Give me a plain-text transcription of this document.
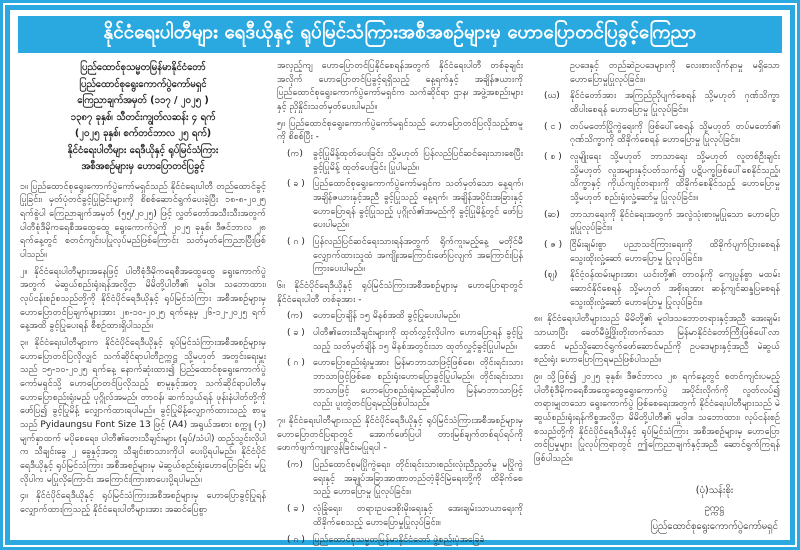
နိုင်ငံရေးပါတီများ ရေဒီယိုနှင့် ရုပ်မြင်သံကြားအစီအစဉ်များမှ ဟောပြောတင်ပြခွင့်ကြေညာ
ပြည်ထောင်စုသမ္မတမြန်မာနိုင်ငံတော်
ပြည်ထောင်စုရွေးကောက်ပွဲကော်မရှင်
ကြေညာချက်အမှတ် (၁၁၇ / ၂၀၂၅ )
၁၃၈၇ ခုနှစ်၊ သီတင်းကျွတ်လဆန်း ၄ ရက်
(၂၀၂၅ ခုနှစ်၊ စက်တင်ဘာလ ၂၅ ရက်)
နိုင်ငံရေးပါတီများ ရေဒီယိုနှင့် ရုပ်မြင်သံကြား
အစီအစဉ်များမှ ဟောပြောတင်ပြခွင့်

၁။ ပြည်ထောင်စုရွေးကောက်ပွဲကော်မရှင်သည် နိုင်ငံရေးပါတီ တည်ထောင်ခွင့်ပြုခြင်း၊ မှတ်ပုံတင်ခွင့်ပြုခြင်းများကို စိစစ်ဆောင်ရွက်ပေးခဲ့ပြီး ၁၈-၈-၂၀၂၅ ရက်စွဲပါ ကြေညာချက်အမှတ် (၅၅/၂၀၂၅) ဖြင့် လွှတ်တော်အသီးသီးအတွက် ပါတီစုံဒီမိုကရေစီအထွေထွေ ရွေးကောက်ပွဲကို ၂၀၂၅ ခုနှစ်၊ ဒီဇင်ဘာလ ၂၈ ရက်နေ့တွင် စတင်ကျင်းပပြုလုပ်မည်ဖြစ်ကြောင်း သတ်မှတ်ကြေညာပြီးဖြစ်ပါသည်။

၂။ နိုင်ငံရေးပါတီများအနေဖြင့် ပါတီစုံဒီမိုကရေစီအထွေထွေ ရွေးကောက်ပွဲအတွက် မဲဆွယ်စည်းရုံးရန်အလို့ငှာ မိမိတို့ပါတီ၏ မူဝါဒ၊ သဘောထား၊ လုပ်ငန်းစဉ်စသည်တို့ကို နိုင်ငံပိုင်ရေဒီယိုနှင့် ရုပ်မြင်သံကြား အစီအစဉ်များမှ ဟောပြောတင်ပြချက်များအား ၂၈-၁၀-၂၀၂၅ ရက်နေ့မှ ၂၆-၁၂-၂၀၂၅ ရက်နေ့အထိ ခွင့်ပြုပေးရန် စီစဉ်ထားရှိပါသည်။

၃။ နိုင်ငံရေးပါတီများက နိုင်ငံပိုင်ရေဒီယိုနှင့် ရုပ်မြင်သံကြားအစီအစဉ်များမှ ဟောပြောတင်ပြလိုလျှင် သက်ဆိုင်ရာပါတီဥက္ကဋ္ဌ သို့မဟုတ် အတွင်းရေးမှူးသည် ၁၅-၁၀-၂၀၂၅ ရက်နေ့ နောက်ဆုံးထား၍ ပြည်ထောင်စုရွေးကောက်ပွဲကော်မရှင်သို့ ဟောပြောတင်ပြလိုသည့် စာမူနှင့်အတူ သက်ဆိုင်ရာပါတီမှ ဟောပြောစည်းရုံးမည့် ပုဂ္ဂိုလ်အမည်၊ တာဝန်၊ ဆက်သွယ်ရန် ဖုန်းနံပါတ်တို့ကိုဖော်ပြ၍ ခွင့်ပြုမိန့် လျှောက်ထားရပါမည်။ ခွင့်ပြုမိန့်လျှောက်ထားသည့် စာမူသည် Pyidaungsu Font Size 13 ဖြင့် (A4) အရွယ်အစား စက္ကူ (၇) မျက်နှာထက် မပိုစေရေး၊ ပါတီ၏တေးသီချင်းများ (ရုပ်/သံပါ) ထည့်သွင်းလိုပါက သီချင်းခွေ ၂ ခွေနှင့်အတူ သီချင်းစာသားကိုပါ ပေးပို့ရပါမည်။ နိုင်ငံပိုင်ရေဒီယိုနှင့် ရုပ်မြင်သံကြား အစီအစဉ်များမှ မဲဆွယ်စည်းရုံးဟောပြောခြင်း မပြုလိုပါက မပြုလိုကြောင်း အကြောင်းကြားစာပေးပို့ရပါမည်။

၄။ နိုင်ငံပိုင်ရေဒီယိုနှင့် ရုပ်မြင်သံကြားအစီအစဉ်များမှ ဟောပြောခွင့်ပြုရန် လျှောက်ထားကြသည့် နိုင်ငံရေးပါတီများအား အဆင်ပြေစွာ

အလှည့်ကျ ဟောပြောတင်ပြနိုင်စေရန်အတွက် နိုင်ငံရေးပါတီ တစ်ခုချင်းအလိုက် ဟောပြောတင်ပြခွင့်ရရှိသည့် နေ့ရက်နှင့် အချိန်ဇယားကို ပြည်ထောင်စုရွေးကောက်ပွဲကော်မရှင်က သက်ဆိုင်ရာ ဌာန၊ အဖွဲ့အစည်းများနှင့် ညှိနှိုင်းသတ်မှတ်ပေးပါမည်။

၅။ ပြည်ထောင်စုရွေးကောက်ပွဲကော်မရှင်သည် ဟောပြောတင်ပြလိုသည့်စာမူကို စိစစ်ပြီး -

(က)	ခွင့်ပြုမိန့်ထုတ်ပေးခြင်း သို့မဟုတ် ပြန်လည်ပြင်ဆင်ရေးသားစေပြီး ခွင့်ပြုမိန့် ထုတ်ပေးခြင်း ပြုပါမည်။
( ခ ) ပြည်ထောင်စုရွေးကောက်ပွဲကော်မရှင်က သတ်မှတ်သော နေ့ရက်၊ အချိန်ဇယားနှင့်အညီ ခွင့်ပြုသည့် နေ့ရက်၊ အချိန်အပိုင်းအခြားနှင့် ဟောပြောရန် ခွင့်ပြုသည့် ပုဂ္ဂိုလ်၏အမည်ကို ခွင့်ပြုမိန့်တွင် ဖော်ပြပေးပါမည်။
( ဂ ) ပြန်လည်ပြင်ဆင်ရေးသားရန်အတွက် ရိုက်ကူးမည့်နေ့ မတိုင်မီ လျှောက်ထားသူထံ အကျိုးအကြောင်းဖော်ပြလျက် အကြောင်းပြန်ကြားပေးပါမည်။

၆။ နိုင်ငံပိုင်ရေဒီယိုနှင့် ရုပ်မြင်သံကြားအစီအစဉ်များမှ ဟောပြောရာတွင် နိုင်ငံရေးပါတီ တစ်ခုအား -

(က)	ဟောပြောချိန် ၁၅ မိနစ်အထိ ခွင့်ပြုပေးပါမည်။
( ခ ) ပါတီ၏တေးသီချင်းများကို ထုတ်လွှင့်လိုပါက ဟောပြောရန် ခွင့်ပြုသည့် သတ်မှတ်ချိန် ၁၅ မိနစ်အတွင်းသာ ထုတ်လွှင့်ခွင့်ပြုပါမည်။
( ဂ ) ဟောပြောစည်းရုံးမှုအား မြန်မာဘာသာဖြင့်ဖြစ်စေ၊ တိုင်းရင်းသားဘာသာဖြင့်ဖြစ်စေ စည်းရုံးဟောပြောခွင့်ပြုပါမည်။ တိုင်းရင်းသားဘာသာဖြင့် ဟောပြောစည်းရုံးမည်ဆိုပါက မြန်မာဘာသာဖြင့်လည်း ပူးတွဲတင်ပြရမည်ဖြစ်ပါသည်။

၇။ နိုင်ငံရေးပါတီများသည် နိုင်ငံပိုင်ရေဒီယိုနှင့် ရုပ်မြင်သံကြားအစီအစဉ်များမှ ဟောပြောတင်ပြရာတွင် အောက်ဖော်ပြပါ တားမြစ်ချက်တစ်ရပ်ရပ်ကို ဖောက်ဖျက်ကျူးလွန်ခြင်းမပြုရပါ -

(က)	ပြည်ထောင်စုမပြိုကွဲရေး၊ တိုင်းရင်းသားစည်းလုံးညီညွတ်မှု မပြိုကွဲရေးနှင့် အချုပ်အခြာအာဏာတည်တံ့ခိုင်မြဲရေးတို့ကို ထိခိုက်စေသည့် ဟောပြောမှု ပြုလုပ်ခြင်း။
( ခ ) လုံခြုံရေး၊ တရားဥပဒေစိုးမိုးရေးနှင့် အေးချမ်းသာယာရေးကို ထိခိုက်စေသည့် ဟောပြောမှုပြုလုပ်ခြင်း။
( ဂ ) ပြည်ထောင်စုသမ္မတမြန်မာနိုင်ငံတော် ဖွဲ့စည်းပုံအခြေခံ
ဥပဒေနှင့် တည်ဆဲဥပဒေများကို လေးစားလိုက်နာမှု မရှိသော ဟောပြောမှုပြုလုပ်ခြင်း။
(ဃ)	နိုင်ငံတော်အား အကြည်ညိုပျက်စေရန် သို့မဟုတ် ဂုဏ်သိက္ခာထိပါးစေရန် ဟောပြောမှု ပြုလုပ်ခြင်း။
( င ) တပ်မတော်ပြိုကွဲရေးကို ဖြစ်ပေါ်စေရန် သို့မဟုတ် တပ်မတော်၏ ဂုဏ်သိက္ခာကို ထိခိုက်စေရန် ဟောပြောမှု ပြုလုပ်ခြင်း။
( စ ) လူမျိုးရေး သို့မဟုတ် ဘာသာရေး သို့မဟုတ် လူတစ်ဦးချင်း သို့မဟုတ် လူအများနှင့်ပတ်သက်၍ ပဋိပက္ခဖြစ်ပေါ်စေနိုင်သည့်၊ သိက္ခာနှင့် ကိုယ်ကျင့်တရားကို ထိခိုက်စေနိုင်သည့် ဟောပြောမှု သို့မဟုတ် စည်းရုံးလှုံ့ဆော်မှု ပြုလုပ်ခြင်း။
(ဆ)	ဘာသာရေးကို နိုင်ငံရေးအတွက် အလွဲသုံးစားမှုပြုသော ဟောပြောမှုပြုလုပ်ခြင်း။
( ဇ ) ငြိမ်းချမ်းစွာ ပညာသင်ကြားရေးကို ထိခိုက်ပျက်ပြားစေရန် သွေးထိုးလှုံ့ဆော် ဟောပြောမှု ပြုလုပ်ခြင်း။
(ဈ)	နိုင်ငံ့ဝန်ထမ်းများအား ယင်းတို့၏ တာဝန်ကို ကျေပွန်စွာ မထမ်းဆောင်နိုင်စေရန် သို့မဟုတ် အစိုးရအား ဆန့်ကျင်ဆန္ဒပြစေရန် သွေးထိုးလှုံ့ဆော် ဟောပြောမှု ပြုလုပ်ခြင်း။

၈။ နိုင်ငံရေးပါတီများသည် မိမိတို့၏ မူဝါဒသဘောတရားနှင့်အညီ အေးချမ်းသာယာပြီး ခေတ်မီဖွံ့ဖြိုးတိုးတက်သော မြန်မာနိုင်ငံတော်ကြီးဖြစ်ပေါ်လာအောင် မည်သို့ဆောင်ရွက်ဖော်ဆောင်မည်ကို ဥပဒေများနှင့်အညီ မဲဆွယ်စည်းရုံး ဟောပြောကြရမည်ဖြစ်ပါသည်။

၉။ သို့ဖြစ်၍ ၂၀၂၅ ခုနှစ်၊ ဒီဇင်ဘာလ ၂၈ ရက်နေ့တွင် စတင်ကျင်းပမည့် ပါတီစုံဒီမိုကရေစီအထွေထွေရွေးကောက်ပွဲ အပိုင်းလိုက်ကို လွတ်လပ်၍ တရားမျှတသော ရွေးကောက်ပွဲ ဖြစ်စေရေးအတွက် နိုင်ငံရေးပါတီများသည် မဲဆွယ်စည်းရုံးရန်ကိစ္စအလို့ငှာ မိမိတို့ပါတီ၏ မူဝါဒ၊ သဘောထား၊ လုပ်ငန်းစဉ် စသည်တို့ကို နိုင်ငံပိုင်ရေဒီယိုနှင့် ရုပ်မြင်သံကြား အစီအစဉ်များမှ ဟောပြောတင်ပြမှုများ ပြုလုပ်ကြရာတွင် ဤကြေညာချက်နှင့်အညီ ဆောင်ရွက်ကြရန် ဖြစ်ပါသည်။

(ပုံ)သန်းစိုး
ဥက္ကဋ္ဌ
ပြည်ထောင်စုရွေးကောက်ပွဲကော်မရှင်
